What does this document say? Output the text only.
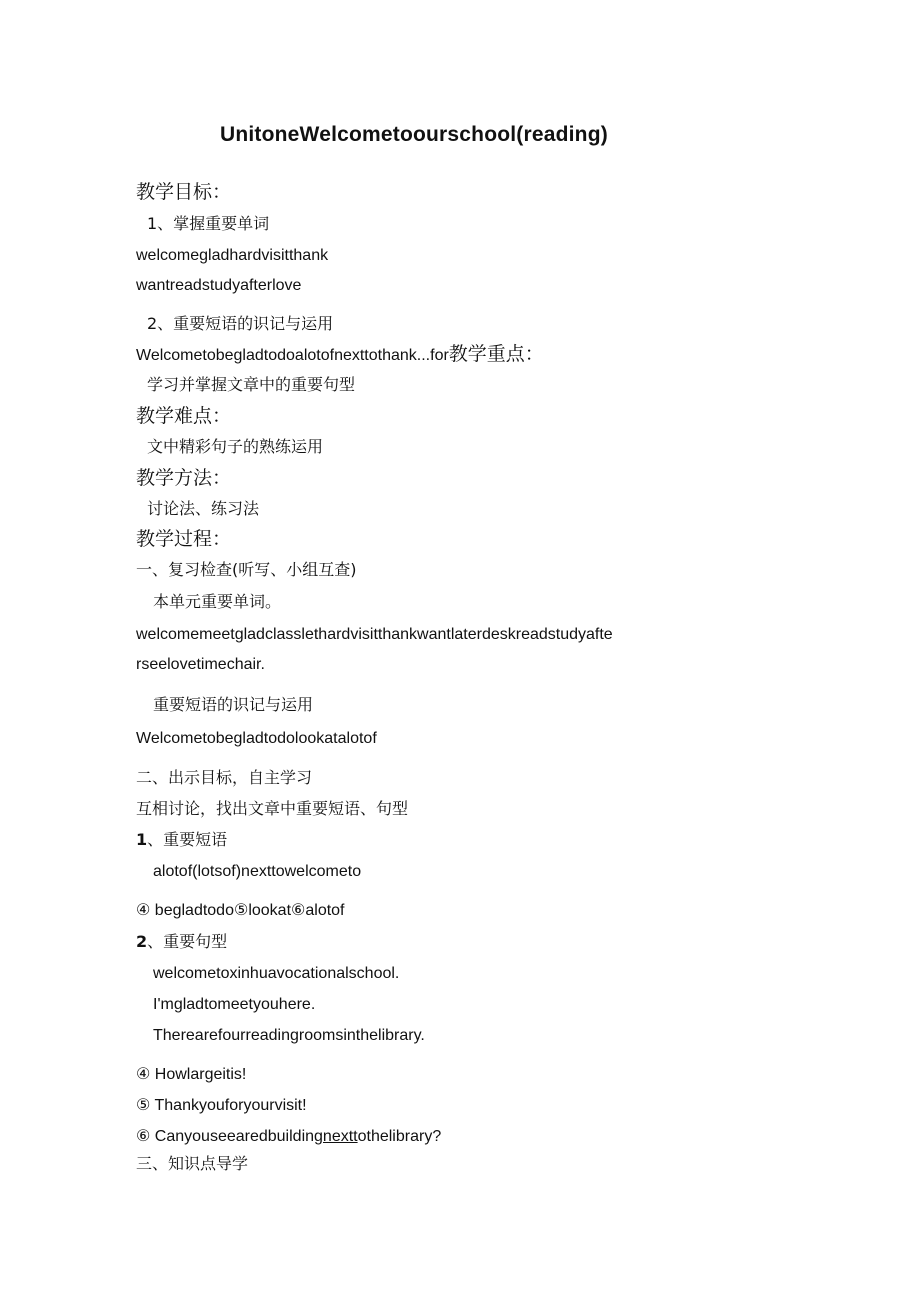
UnitoneWelcometoourschool(reading)
教学目标：
1、掌握重要单词
welcomegladhardvisitthank
wantreadstudyafterlove
2、重要短语的识记与运用
Welcometobegladtodoalotofnexttothank...for教学重点：
学习并掌握文章中的重要句型
教学难点：
文中精彩句子的熟练运用
教学方法：
讨论法、练习法
教学过程：
一、复习检查(听写、小组互查)
本单元重要单词。
welcomemeetgladclasslethardvisitthankwantlaterdeskreadstudyafte
rseelovetimechair.
重要短语的识记与运用
Welcometobegladtodolookatalotof
二、出示目标，自主学习
互相讨论，找出文章中重要短语、句型
1、重要短语
alotof(lotsof)nexttowelcometo
④ begladtodo⑤lookat⑥alotof
2、重要句型
welcometoxinhuavocationalschool.
I'mgladtomeetyouhere.
Therearefourreadingroomsinthelibrary.
④ Howlargeitis!
⑤ Thankyouforyourvisit!
⑥ Canyouseearedbuildingnexttothelibrary?
三、知识点导学
